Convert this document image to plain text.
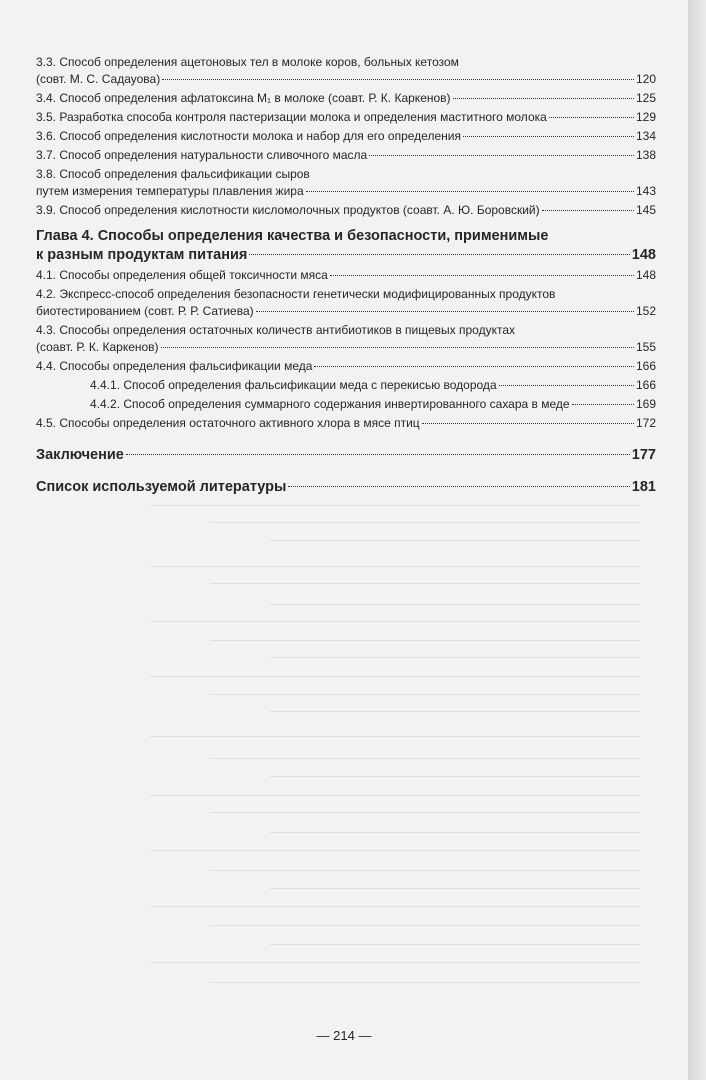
3.3. Способ определения ацетоновых тел в молоке коров, больных кетозом
(совт. М. С. Садауова)	120
3.4. Способ определения афлатоксина M₁ в молоке (соавт. Р. К. Каркенов)	125
3.5. Разработка способа контроля пастеризации молока и определения маститного молока	129
3.6. Способ определения кислотности молока и набор для его определения	134
3.7. Способ определения натуральности сливочного масла	138
3.8. Способ определения фальсификации сыров
путем измерения температуры плавления жира	143
3.9. Способ определения кислотности кисломолочных продуктов (соавт. А. Ю. Боровский)	145
Глава 4. Способы определения качества и безопасности, применимые
к разным продуктам питания	148
4.1. Способы определения общей токсичности мяса	148
4.2. Экспресс-способ определения безопасности генетически модифицированных продуктов
биотестированием (совт. Р. Р. Сатиева)	152
4.3. Способы определения остаточных количеств антибиотиков в пищевых продуктах
(соавт. Р. К. Каркенов)	155
4.4. Способы определения фальсификации меда	166
4.4.1. Способ определения фальсификации меда с перекисью водорода	166
4.4.2. Способ определения суммарного содержания инвертированного сахара в меде	169
4.5. Способы определения остаточного активного хлора в мясе птиц	172
Заключение	177
Список используемой литературы	181
— 214 —
